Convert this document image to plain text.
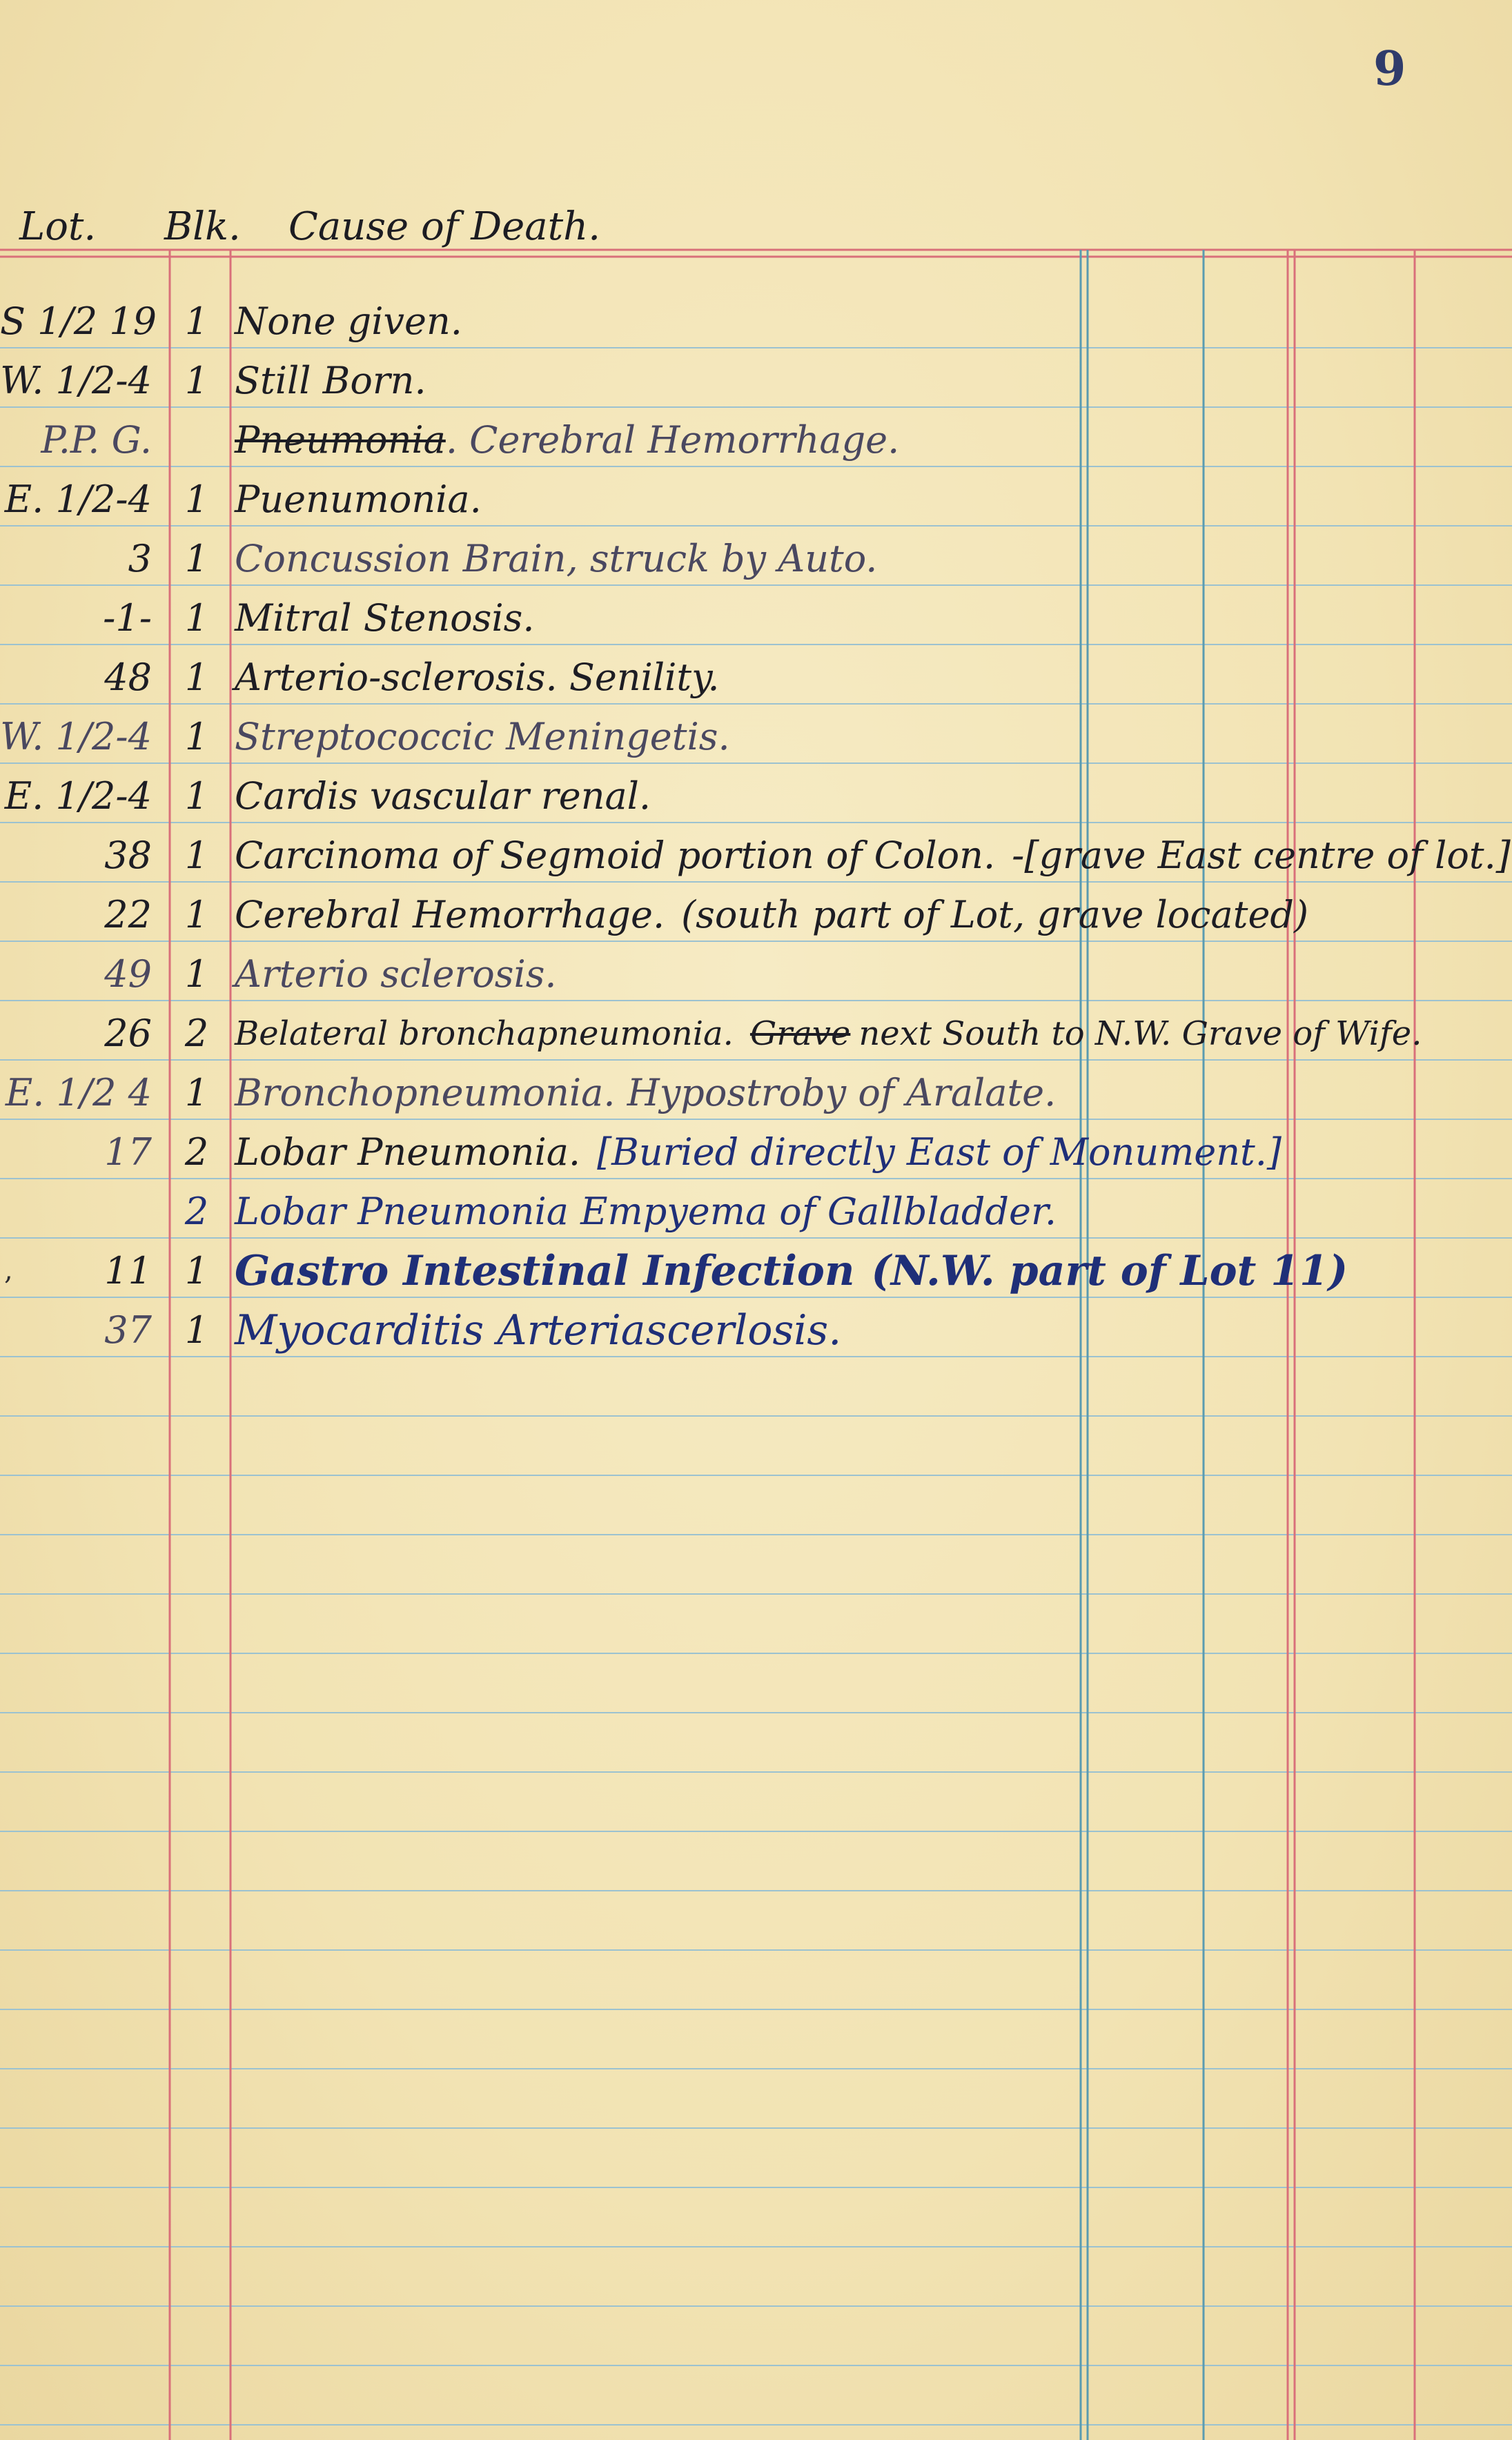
9
Lot. Blk. Cause of Death.
S 1/2 19 1 None given.
W. 1/2-4 1 Still Born.
P.P. G. Pneumonia. Cerebral Hemorrhage.
E. 1/2-4 1 Puenumonia.
3 1 Concussion Brain, struck by Auto.
-1- 1 Mitral Stenosis.
48 1 Arterio-sclerosis. Senility.
W. 1/2-4 1 Streptococcic Meningetis.
E. 1/2-4 1 Cardis vascular renal.
38 1 Carcinoma of Segmoid portion of Colon. -[grave East centre of lot.]
22 1 Cerebral Hemorrhage. (south part of Lot, grave located)
49 1 Arterio sclerosis.
26 2 Belateral bronchapneumonia. Grave next South to N.W. Grave of Wife.
E. 1/2 4 1 Bronchopneumonia. Hypostroby of Aralate.
17 2 Lobar Pneumonia. [Buried directly East of Monument.]
2 Lobar Pneumonia Empyema of Gallbladder.
,	11 1 Gastro Intestinal Infection (N.W. part of Lot 11)
37 1 Myocarditis Arteriascerlosis.
